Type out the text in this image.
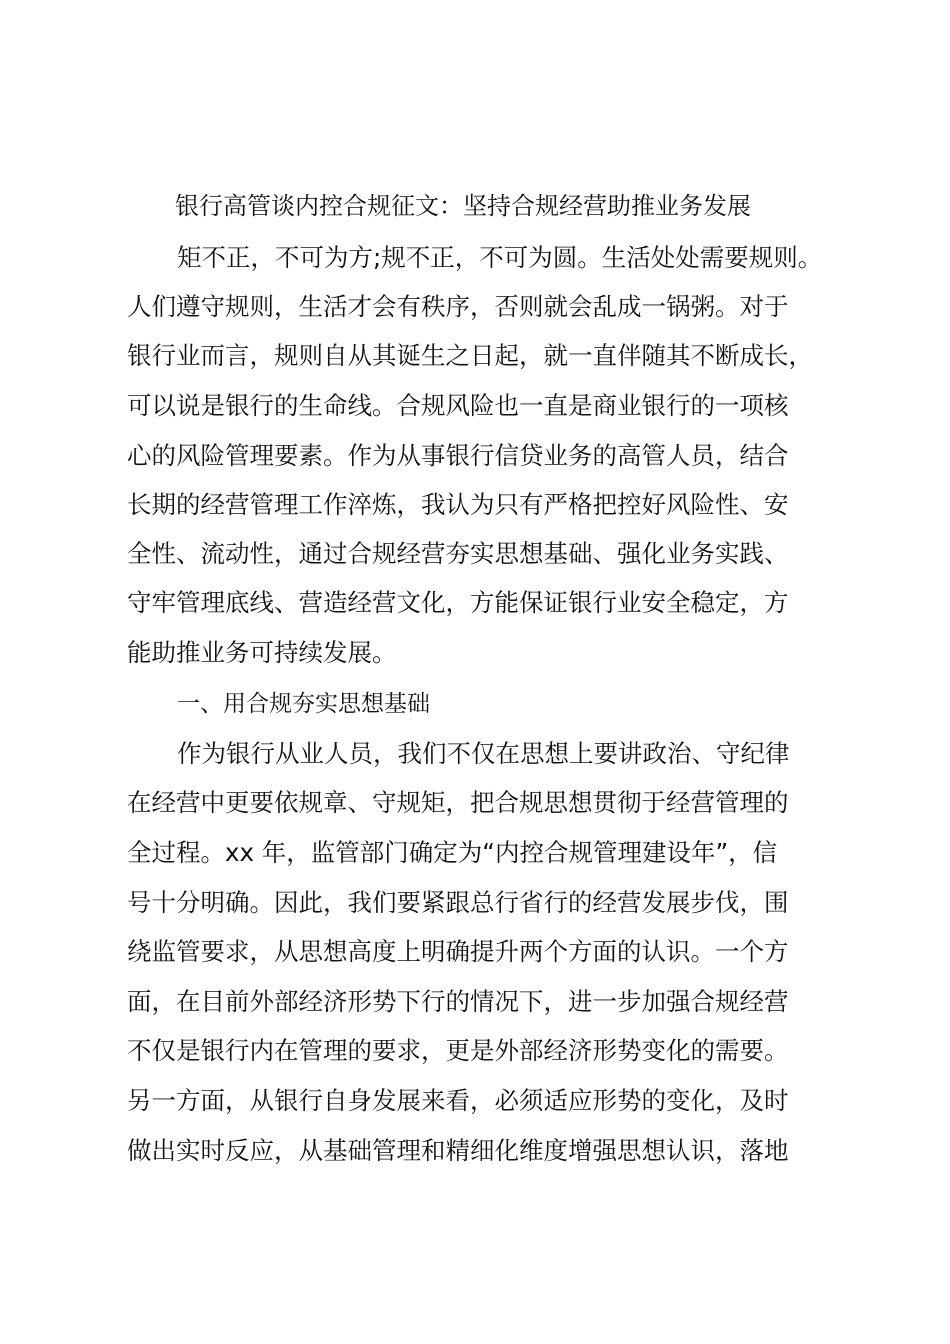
银行高管谈内控合规征文：坚持合规经营助推业务发展
矩不正，不可为方;规不正，不可为圆。生活处处需要规则。
人们遵守规则，生活才会有秩序，否则就会乱成一锅粥。对于
银行业而言，规则自从其诞生之日起，就一直伴随其不断成长，
可以说是银行的生命线。合规风险也一直是商业银行的一项核
心的风险管理要素。作为从事银行信贷业务的高管人员，结合
长期的经营管理工作淬炼，我认为只有严格把控好风险性、安
全性、流动性，通过合规经营夯实思想基础、强化业务实践、
守牢管理底线、营造经营文化，方能保证银行业安全稳定，方
能助推业务可持续发展。
一、用合规夯实思想基础
作为银行从业人员，我们不仅在思想上要讲政治、守纪律
在经营中更要依规章、守规矩，把合规思想贯彻于经营管理的
全过程。xx 年，监管部门确定为“内控合规管理建设年”，信
号十分明确。因此，我们要紧跟总行省行的经营发展步伐，围
绕监管要求，从思想高度上明确提升两个方面的认识。一个方
面，在目前外部经济形势下行的情况下，进一步加强合规经营
不仅是银行内在管理的要求，更是外部经济形势变化的需要。
另一方面，从银行自身发展来看，必须适应形势的变化，及时
做出实时反应，从基础管理和精细化维度增强思想认识，落地
